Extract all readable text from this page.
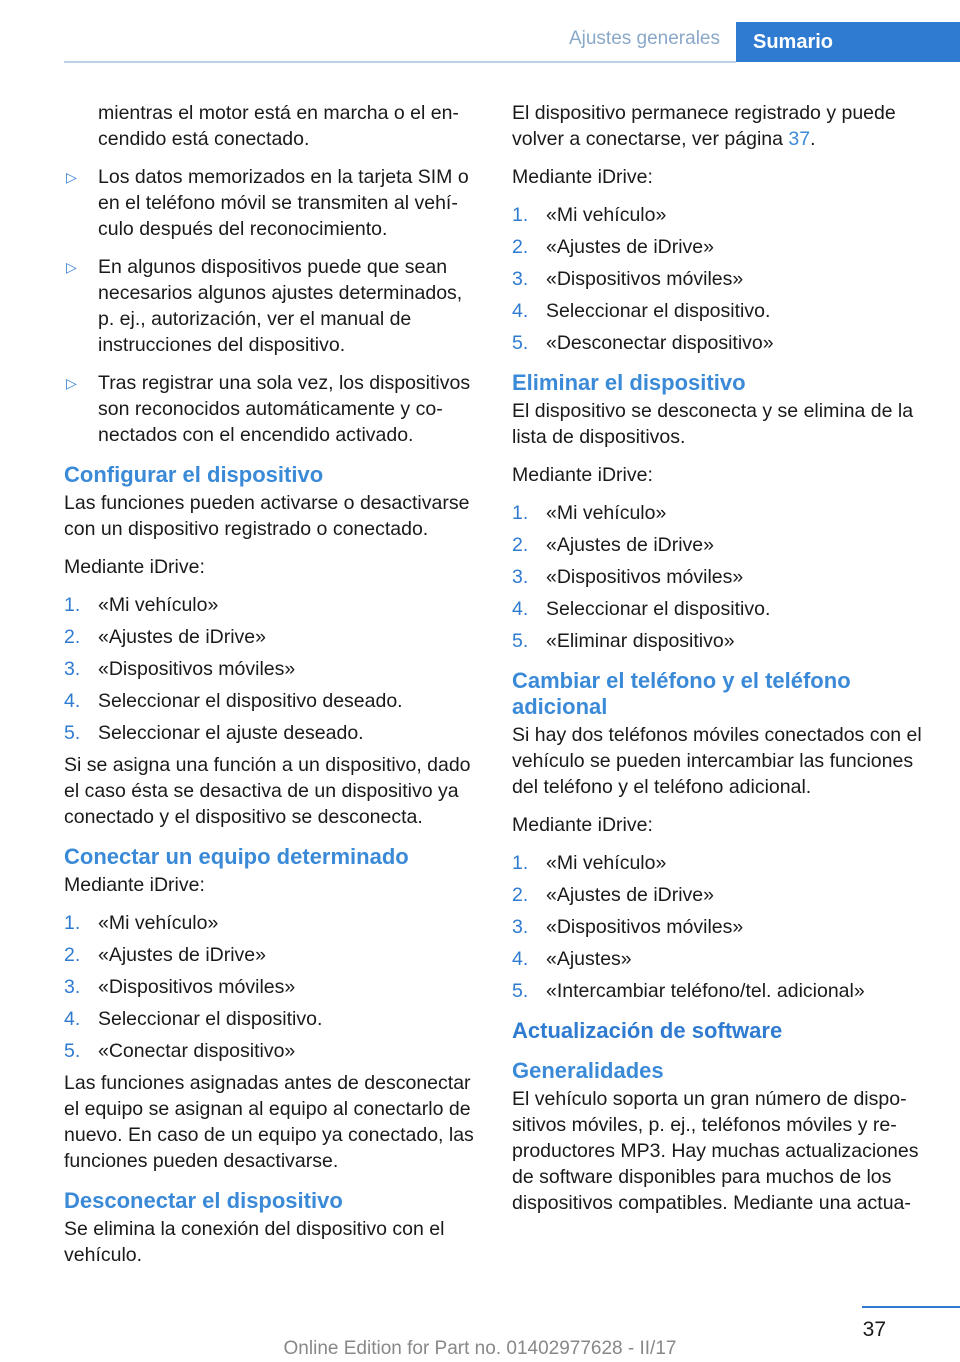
Ajustes generales	Sumario

mientras el motor está en marcha o el encendido está conectado.

▷ Los datos memorizados en la tarjeta SIM o en el teléfono móvil se transmiten al vehículo después del reconocimiento.
▷ En algunos dispositivos puede que sean necesarios algunos ajustes determinados, p. ej., autorización, ver el manual de instrucciones del dispositivo.
▷ Tras registrar una sola vez, los dispositivos son reconocidos automáticamente y conectados con el encendido activado.
Configurar el dispositivo

Las funciones pueden activarse o desactivarse con un dispositivo registrado o conectado.

Mediante iDrive:

1. «Mi vehículo»
2. «Ajustes de iDrive»
3. «Dispositivos móviles»
4. Seleccionar el dispositivo deseado.
5. Seleccionar el ajuste deseado.

Si se asigna una función a un dispositivo, dado el caso ésta se desactiva de un dispositivo ya conectado y el dispositivo se desconecta.

Conectar un equipo determinado

Mediante iDrive:

1. «Mi vehículo»
2. «Ajustes de iDrive»
3. «Dispositivos móviles»
4. Seleccionar el dispositivo.
5. «Conectar dispositivo»

Las funciones asignadas antes de desconectar el equipo se asignan al equipo al conectarlo de nuevo. En caso de un equipo ya conectado, las funciones pueden desactivarse.

Desconectar el dispositivo

Se elimina la conexión del dispositivo con el vehículo.

El dispositivo permanece registrado y puede volver a conectarse, ver página 37.

Mediante iDrive:

1. «Mi vehículo»
2. «Ajustes de iDrive»
3. «Dispositivos móviles»
4. Seleccionar el dispositivo.
5. «Desconectar dispositivo»
Eliminar el dispositivo

El dispositivo se desconecta y se elimina de la lista de dispositivos.

Mediante iDrive:

1. «Mi vehículo»
2. «Ajustes de iDrive»
3. «Dispositivos móviles»
4. Seleccionar el dispositivo.
5. «Eliminar dispositivo»
Cambiar el teléfono y el teléfono adicional

Si hay dos teléfonos móviles conectados con el vehículo se pueden intercambiar las funciones del teléfono y el teléfono adicional.

Mediante iDrive:

1. «Mi vehículo»
2. «Ajustes de iDrive»
3. «Dispositivos móviles»
4. «Ajustes»
5. «Intercambiar teléfono/tel. adicional»
Actualización de software
Generalidades

El vehículo soporta un gran número de dispositivos móviles, p. ej., teléfonos móviles y reproductores MP3. Hay muchas actualizaciones de software disponibles para muchos de los dispositivos compatibles. Mediante una actua-

37
Online Edition for Part no. 01402977628 - II/17
